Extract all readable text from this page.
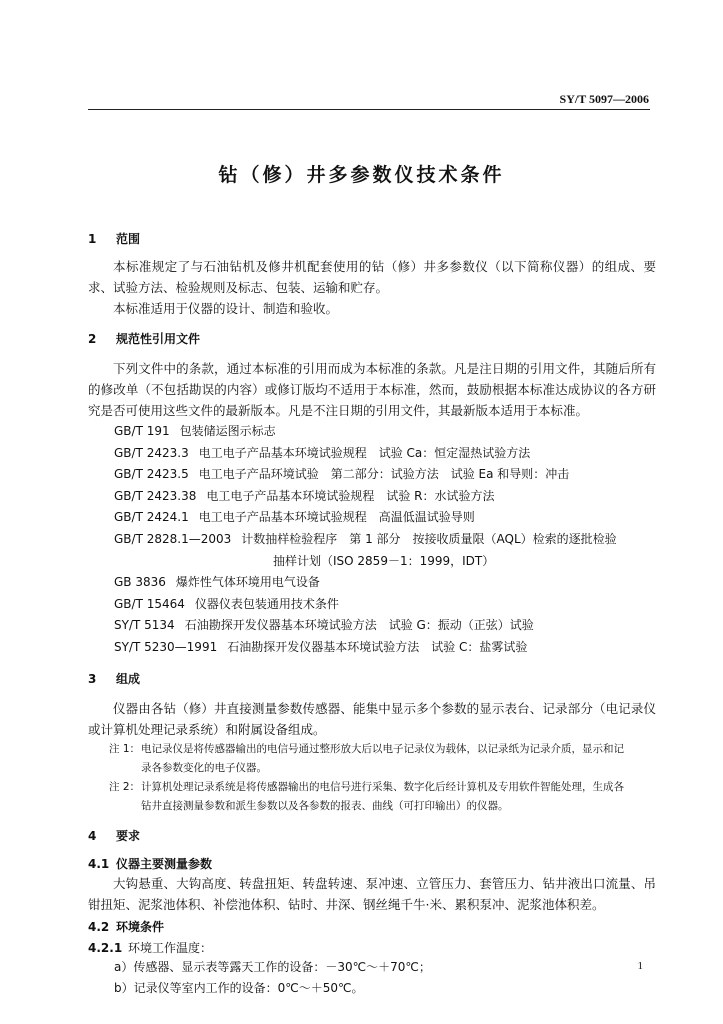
SY/T 5097—2006
钻（修）井多参数仪技术条件
1 范围

本标准规定了与石油钻机及修井机配套使用的钻（修）井多参数仪（以下简称仪器）的组成、要求、试验方法、检验规则及标志、包装、运输和贮存。

本标准适用于仪器的设计、制造和验收。

2 规范性引用文件

下列文件中的条款，通过本标准的引用而成为本标准的条款。凡是注日期的引用文件，其随后所有的修改单（不包括勘误的内容）或修订版均不适用于本标准，然而，鼓励根据本标准达成协议的各方研究是否可使用这些文件的最新版本。凡是不注日期的引用文件，其最新版本适用于本标准。

GB/T 191 包装储运图示标志
GB/T 2423.3 电工电子产品基本环境试验规程　试验 Ca：恒定湿热试验方法
GB/T 2423.5 电工电子产品环境试验　第二部分：试验方法　试验 Ea 和导则：冲击
GB/T 2423.38 电工电子产品基本环境试验规程　试验 R：水试验方法
GB/T 2424.1 电工电子产品基本环境试验规程　高温低温试验导则
GB/T 2828.1—2003 计数抽样检验程序　第 1 部分　按接收质量限（AQL）检索的逐批检验
抽样计划（ISO 2859－1：1999，IDT）
GB 3836 爆炸性气体环境用电气设备
GB/T 15464 仪器仪表包装通用技术条件
SY/T 5134 石油勘探开发仪器基本环境试验方法　试验 G：振动（正弦）试验
SY/T 5230—1991 石油勘探开发仪器基本环境试验方法　试验 C：盐雾试验
3 组成

仪器由各钻（修）井直接测量参数传感器、能集中显示多个参数的显示表台、记录部分（电记录仪或计算机处理记录系统）和附属设备组成。

注 1：电记录仪是将传感器输出的电信号通过整形放大后以电子记录仪为载体，以记录纸为记录介质，显示和记
录各参数变化的电子仪器。
注 2：计算机处理记录系统是将传感器输出的电信号进行采集、数字化后经计算机及专用软件智能处理，生成各
钻井直接测量参数和派生参数以及各参数的报表、曲线（可打印输出）的仪器。
4 要求
4.1 仪器主要测量参数

大钩悬重、大钩高度、转盘扭矩、转盘转速、泵冲速、立管压力、套管压力、钻井液出口流量、吊钳扭矩、泥浆池体积、补偿池体积、钻时、井深、钢丝绳千牛·米、累积泵冲、泥浆池体积差。

4.2 环境条件
4.2.1 环境工作温度：
a）传感器、显示表等露天工作的设备：－30℃～＋70℃；
b）记录仪等室内工作的设备：0℃～＋50℃。
1
